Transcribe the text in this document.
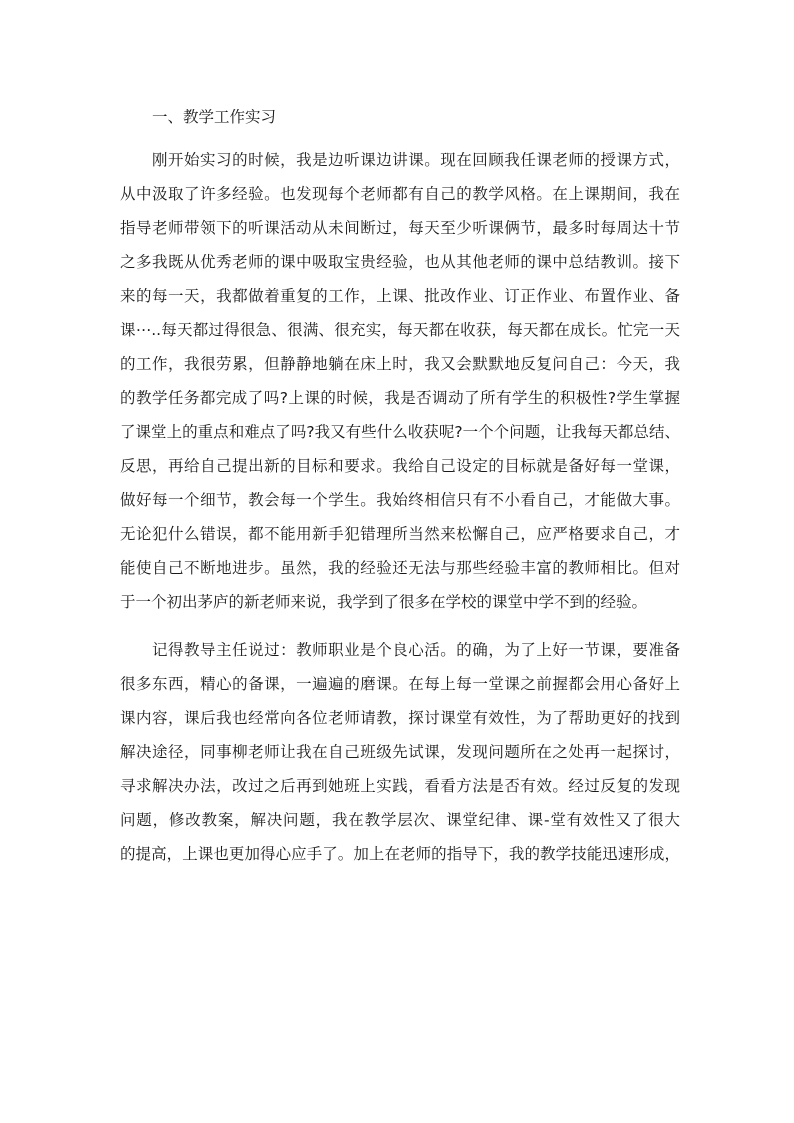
一、教学工作实习
刚开始实习的时候，我是边听课边讲课。现在回顾我任课老师的授课方式，
从中汲取了许多经验。也发现每个老师都有自己的教学风格。在上课期间，我在
指导老师带领下的听课活动从未间断过，每天至少听课俩节，最多时每周达十节
之多我既从优秀老师的课中吸取宝贵经验，也从其他老师的课中总结教训。接下
来的每一天，我都做着重复的工作，上课、批改作业、订正作业、布置作业、备
课⋯..每天都过得很急、很满、很充实，每天都在收获，每天都在成长。忙完一天
的工作，我很劳累，但静静地躺在床上时，我又会默默地反复问自己：今天，我
的教学任务都完成了吗?上课的时候，我是否调动了所有学生的积极性?学生掌握
了课堂上的重点和难点了吗?我又有些什么收获呢?一个个问题，让我每天都总结、
反思，再给自己提出新的目标和要求。我给自己设定的目标就是备好每一堂课，
做好每一个细节，教会每一个学生。我始终相信只有不小看自己，才能做大事。
无论犯什么错误，都不能用新手犯错理所当然来松懈自己，应严格要求自己，才
能使自己不断地进步。虽然，我的经验还无法与那些经验丰富的教师相比。但对
于一个初出茅庐的新老师来说，我学到了很多在学校的课堂中学不到的经验。
记得教导主任说过：教师职业是个良心活。的确，为了上好一节课，要准备
很多东西，精心的备课，一遍遍的磨课。在每上每一堂课之前握都会用心备好上
课内容，课后我也经常向各位老师请教，探讨课堂有效性，为了帮助更好的找到
解决途径，同事柳老师让我在自己班级先试课，发现问题所在之处再一起探讨，
寻求解决办法，改过之后再到她班上实践，看看方法是否有效。经过反复的发现
问题，修改教案，解决问题，我在教学层次、课堂纪律、课-堂有效性又了很大
的提高，上课也更加得心应手了。加上在老师的指导下，我的教学技能迅速形成，
